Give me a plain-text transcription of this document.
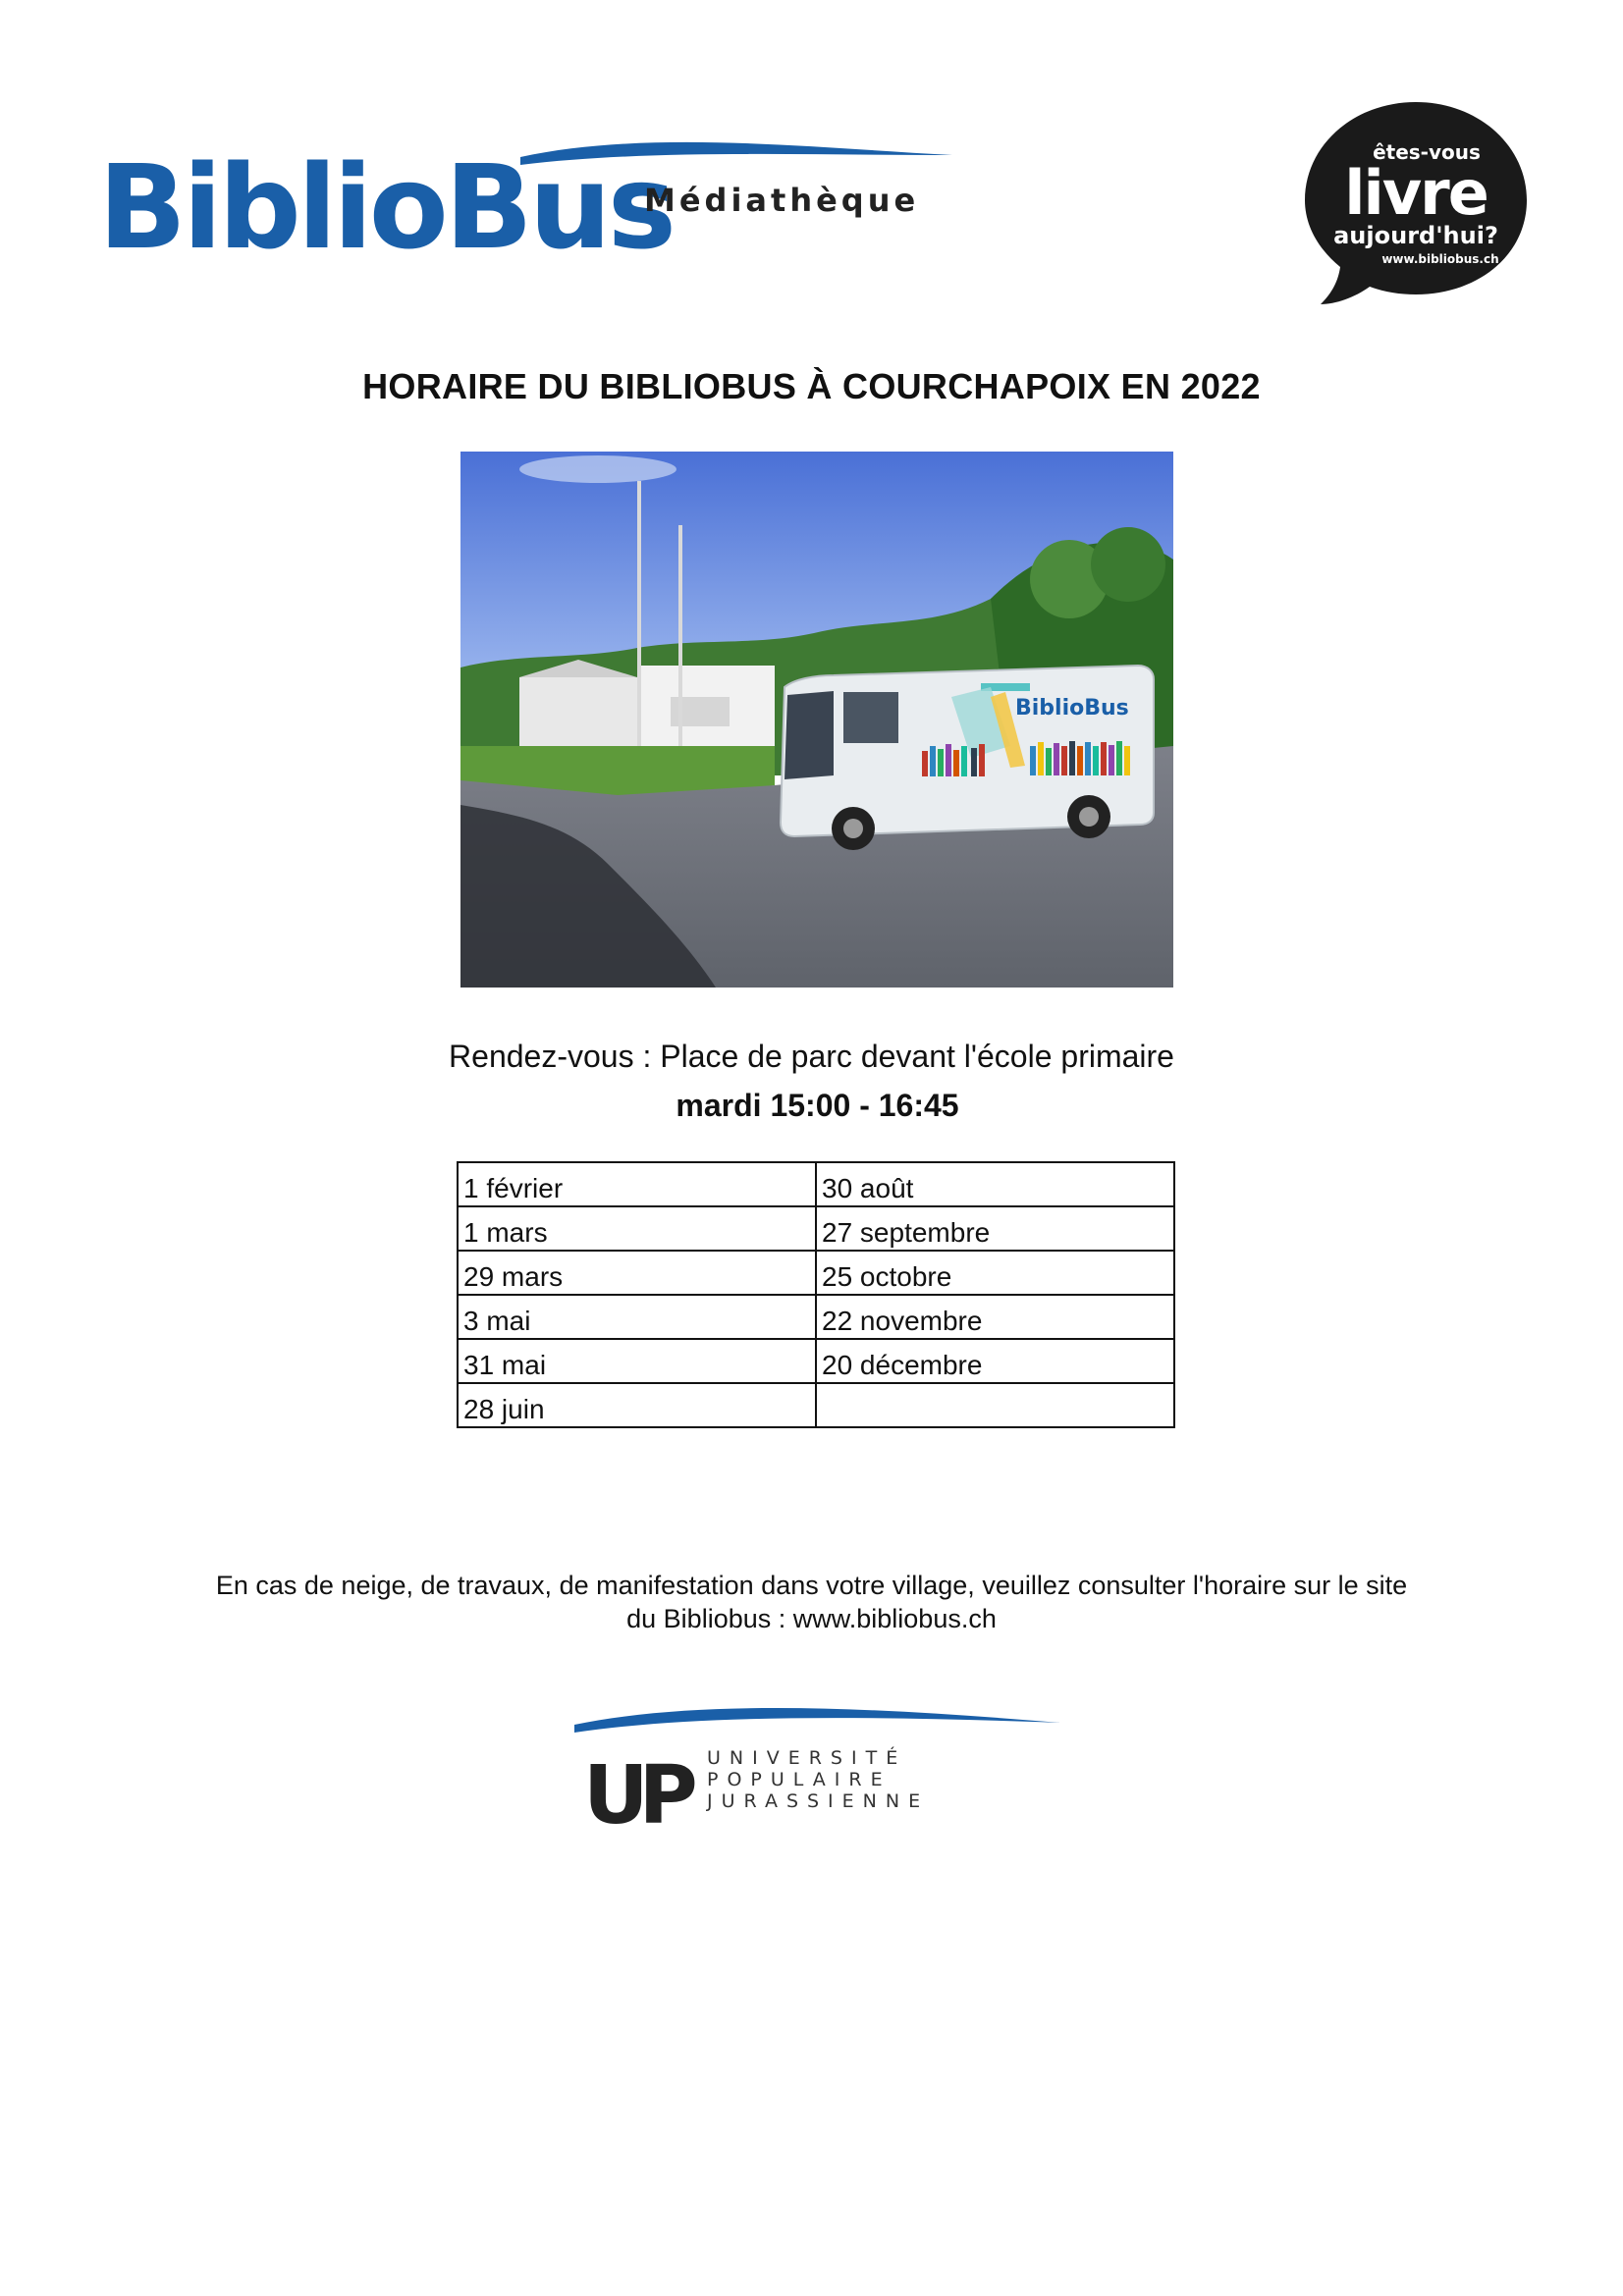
BiblioBus
Médiathèque
êtes-vous
livre
aujourd'hui?
www.bibliobus.ch
HORAIRE DU BIBLIOBUS À COURCHAPOIX EN 2022
BiblioBus
Rendez-vous : Place de parc devant l'école primaire
mardi 15:00 - 16:45
1 février	30 août
1 mars	27 septembre
29 mars	25 octobre
3 mai	22 novembre
31 mai	20 décembre
28 juin	
En cas de neige, de travaux, de manifestation dans votre village, veuillez consulter l'horaire sur le site
du Bibliobus : www.bibliobus.ch
UP	UNIVERSITÉ
POPULAIRE
JURASSIENNE
